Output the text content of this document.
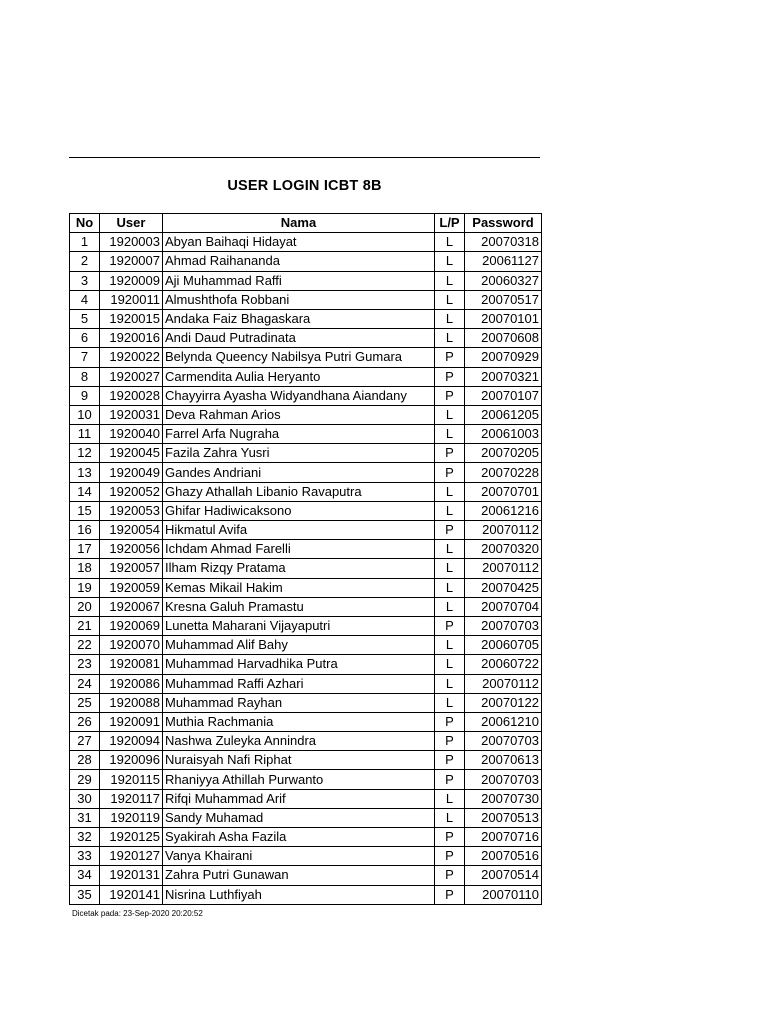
USER LOGIN ICBT 8B
No	User	Nama	L/P	Password
1	1920003	Abyan Baihaqi Hidayat	L	20070318
2	1920007	Ahmad Raihananda	L	20061127
3	1920009	Aji Muhammad Raffi	L	20060327
4	1920011	Almushthofa Robbani	L	20070517
5	1920015	Andaka Faiz Bhagaskara	L	20070101
6	1920016	Andi Daud Putradinata	L	20070608
7	1920022	Belynda Queency Nabilsya Putri Gumara	P	20070929
8	1920027	Carmendita Aulia Heryanto	P	20070321
9	1920028	Chayyirra Ayasha Widyandhana Aiandany	P	20070107
10	1920031	Deva Rahman Arios	L	20061205
11	1920040	Farrel Arfa Nugraha	L	20061003
12	1920045	Fazila Zahra Yusri	P	20070205
13	1920049	Gandes Andriani	P	20070228
14	1920052	Ghazy Athallah Libanio Ravaputra	L	20070701
15	1920053	Ghifar Hadiwicaksono	L	20061216
16	1920054	Hikmatul Avifa	P	20070112
17	1920056	Ichdam Ahmad Farelli	L	20070320
18	1920057	Ilham Rizqy Pratama	L	20070112
19	1920059	Kemas Mikail Hakim	L	20070425
20	1920067	Kresna Galuh Pramastu	L	20070704
21	1920069	Lunetta Maharani Vijayaputri	P	20070703
22	1920070	Muhammad Alif Bahy	L	20060705
23	1920081	Muhammad Harvadhika Putra	L	20060722
24	1920086	Muhammad Raffi Azhari	L	20070112
25	1920088	Muhammad Rayhan	L	20070122
26	1920091	Muthia Rachmania	P	20061210
27	1920094	Nashwa Zuleyka Annindra	P	20070703
28	1920096	Nuraisyah Nafi Riphat	P	20070613
29	1920115	Rhaniyya Athillah Purwanto	P	20070703
30	1920117	Rifqi Muhammad Arif	L	20070730
31	1920119	Sandy Muhamad	L	20070513
32	1920125	Syakirah Asha Fazila	P	20070716
33	1920127	Vanya Khairani	P	20070516
34	1920131	Zahra Putri Gunawan	P	20070514
35	1920141	Nisrina Luthfiyah	P	20070110
Dicetak pada: 23-Sep-2020 20:20:52
